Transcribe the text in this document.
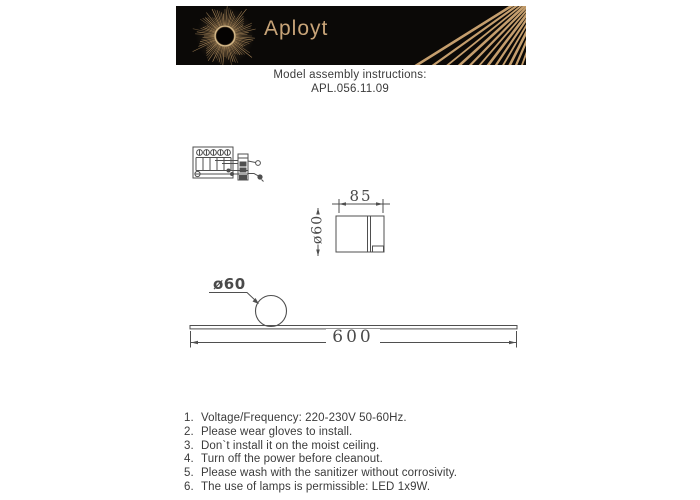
Aployt
Model assembly instructions:
APL.056.11.09
85
ø60
ø60
600
1. Voltage/Frequency: 220-230V 50-60Hz.
2. Please wear gloves to install.
3. Don`t install it on the moist ceiling.
4. Turn off the power before cleanout.
5. Please wash with the sanitizer without corrosivity.
6. The use of lamps is permissible: LED 1x9W.
